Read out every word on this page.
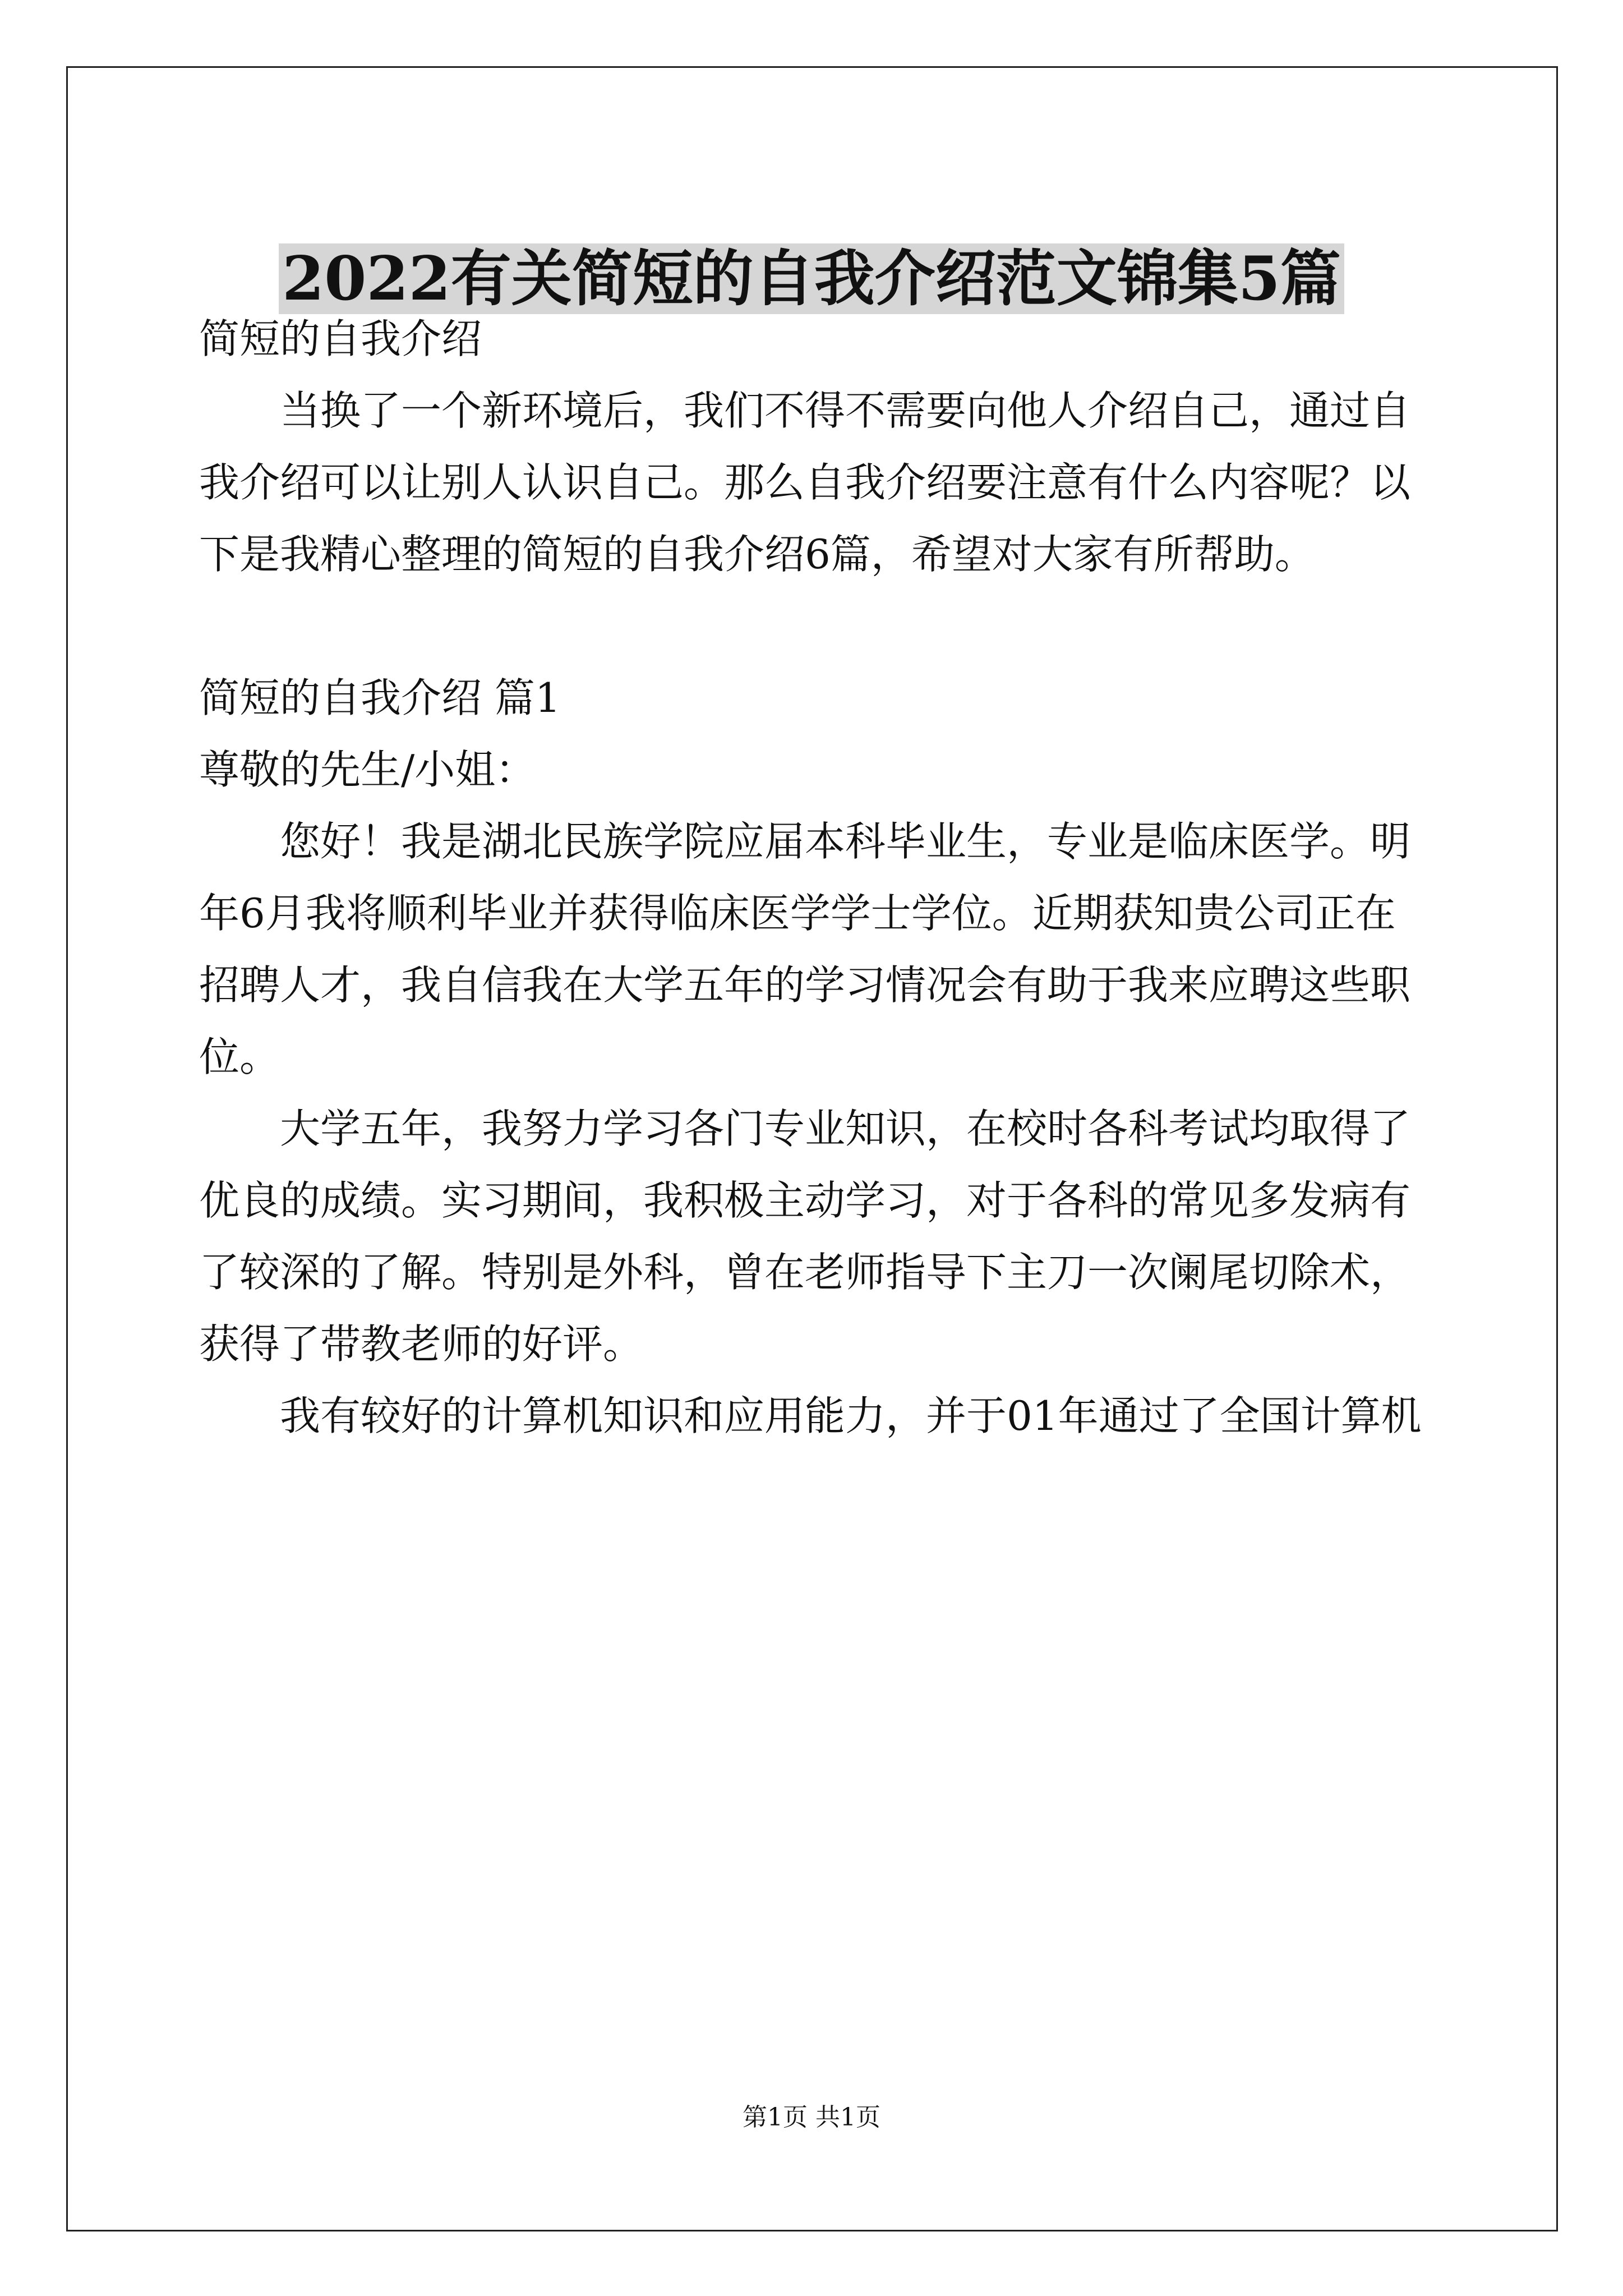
2022有关简短的自我介绍范文锦集5篇

简短的自我介绍

当换了一个新环境后，我们不得不需要向他人介绍自己，通过自

我介绍可以让别人认识自己。那么自我介绍要注意有什么内容呢？以

下是我精心整理的简短的自我介绍6篇，希望对大家有所帮助。

简短的自我介绍 篇1

尊敬的先生/小姐：

您好！我是湖北民族学院应届本科毕业生，专业是临床医学。明

年6月我将顺利毕业并获得临床医学学士学位。近期获知贵公司正在

招聘人才，我自信我在大学五年的学习情况会有助于我来应聘这些职

位。

大学五年，我努力学习各门专业知识，在校时各科考试均取得了

优良的成绩。实习期间，我积极主动学习，对于各科的常见多发病有

了较深的了解。特别是外科，曾在老师指导下主刀一次阑尾切除术，

获得了带教老师的好评。

我有较好的计算机知识和应用能力，并于01年通过了全国计算机

第1页 共1页
